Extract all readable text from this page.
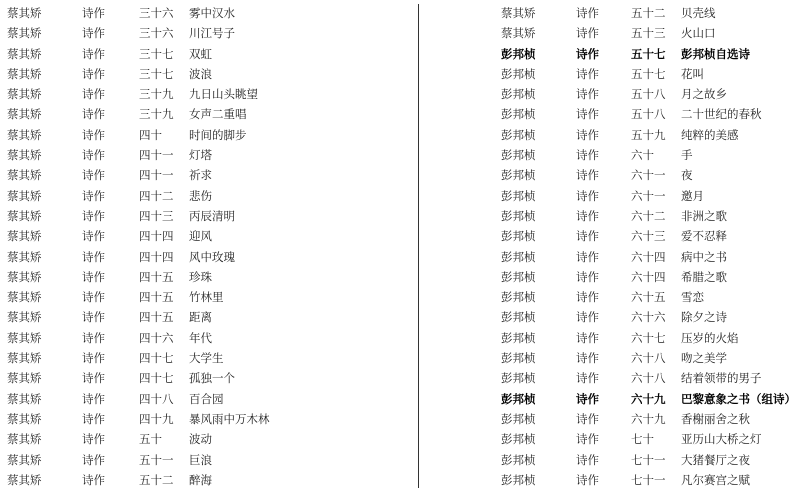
蔡其矫	诗作	三十六 雾中汉水
蔡其矫	诗作	三十六 川江号子
蔡其矫	诗作	三十七 双虹
蔡其矫	诗作	三十七 波浪
蔡其矫	诗作	三十九 九日山头眺望
蔡其矫	诗作	三十九 女声二重唱
蔡其矫	诗作	四十 时间的脚步
蔡其矫	诗作	四十一 灯塔
蔡其矫	诗作	四十一 祈求
蔡其矫	诗作	四十二 悲伤
蔡其矫	诗作	四十三 丙辰清明
蔡其矫	诗作	四十四 迎风
蔡其矫	诗作	四十四 风中玫瑰
蔡其矫	诗作	四十五 珍珠
蔡其矫	诗作	四十五 竹林里
蔡其矫	诗作	四十五 距离
蔡其矫	诗作	四十六 年代
蔡其矫	诗作	四十七 大学生
蔡其矫	诗作	四十七 孤独一个
蔡其矫	诗作	四十八 百合园
蔡其矫	诗作	四十九 暴风雨中万木林
蔡其矫	诗作	五十 波动
蔡其矫	诗作	五十一 巨浪
蔡其矫	诗作	五十二 醉海
蔡其矫	诗作	五十二 贝壳线
蔡其矫	诗作	五十三 火山口
彭邦桢	诗作	五十七 彭邦桢自选诗
彭邦桢	诗作	五十七 花叫
彭邦桢	诗作	五十八 月之故乡
彭邦桢	诗作	五十八 二十世纪的春秋
彭邦桢	诗作	五十九 纯粹的美感
彭邦桢	诗作	六十 手
彭邦桢	诗作	六十一 夜
彭邦桢	诗作	六十一 邀月
彭邦桢	诗作	六十二 非洲之歌
彭邦桢	诗作	六十三 爱不忍释
彭邦桢	诗作	六十四 病中之书
彭邦桢	诗作	六十四 希腊之歌
彭邦桢	诗作	六十五 雪恋
彭邦桢	诗作	六十六 除夕之诗
彭邦桢	诗作	六十七 压岁的火焰
彭邦桢	诗作	六十八 吻之美学
彭邦桢	诗作	六十八 结着领带的男子
彭邦桢	诗作	六十九 巴黎意象之书（组诗）
彭邦桢	诗作	六十九 香榭丽舍之秋
彭邦桢	诗作	七十 亚历山大桥之灯
彭邦桢	诗作	七十一 大猪餐厅之夜
彭邦桢	诗作	七十一 凡尔赛宫之赋
